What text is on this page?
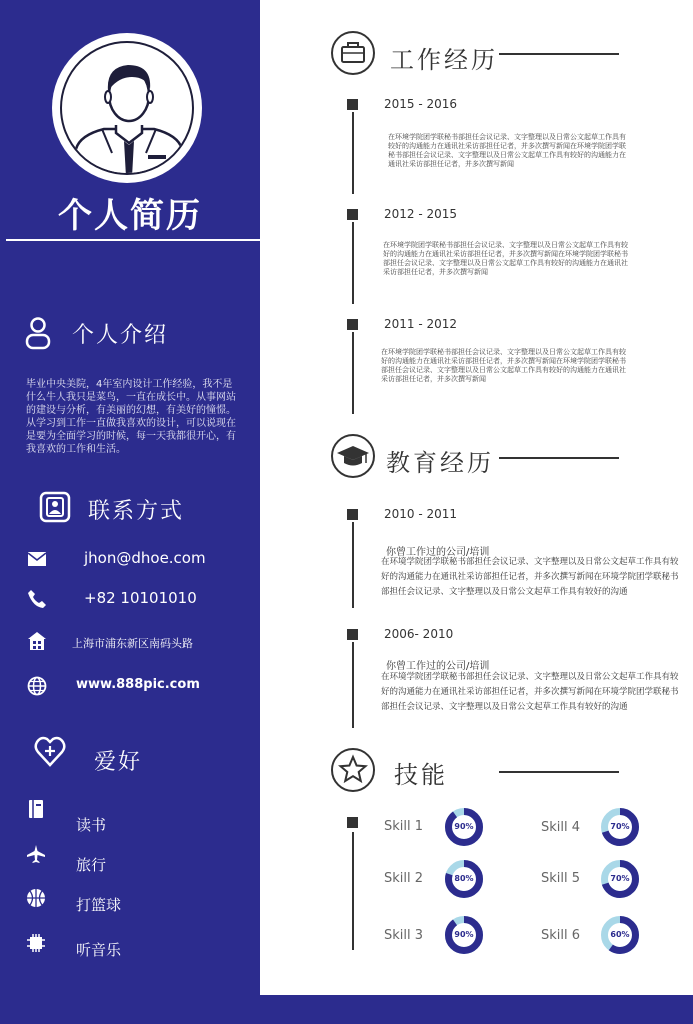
个人简历
个人介绍
毕业中央美院，4年室内设计工作经验，我不是什么牛人我只是菜鸟，一直在成长中。从事网站的建设与分析，有美丽的幻想，有美好的憧憬。从学习到工作一直做我喜欢的设计，可以说现在是要为全面学习的时候，每一天我都很开心，有我喜欢的工作和生活。
联系方式
jhon@dhoe.com
+82 10101010
上海市浦东新区南码头路
www.888pic.com
爱好
读书
旅行
打篮球
听音乐
工作经历
2015 - 2016
在环境学院团学联秘书部担任会议记录、文字整理以及日常公文起草工作具有较好的沟通能力在通讯社采访部担任记者，并多次撰写新闻在环境学院团学联秘书部担任会议记录、文字整理以及日常公文起草工作具有较好的沟通能力在通讯社采访部担任记者，并多次撰写新闻
2012 - 2015
在环境学院团学联秘书部担任会议记录、文字整理以及日常公文起草工作具有较好的沟通能力在通讯社采访部担任记者，并多次撰写新闻在环境学院团学联秘书部担任会议记录、文字整理以及日常公文起草工作具有较好的沟通能力在通讯社采访部担任记者，并多次撰写新闻
2011 - 2012
在环境学院团学联秘书部担任会议记录、文字整理以及日常公文起草工作具有较好的沟通能力在通讯社采访部担任记者，并多次撰写新闻在环境学院团学联秘书部担任会议记录、文字整理以及日常公文起草工作具有较好的沟通能力在通讯社采访部担任记者，并多次撰写新闻
教育经历
2010 - 2011
你曾工作过的公司/培训
在环境学院团学联秘书部担任会议记录、文字整理以及日常公文起草工作具有较好的沟通能力在通讯社采访部担任记者，并多次撰写新闻在环境学院团学联秘书部担任会议记录、文字整理以及日常公文起草工作具有较好的沟通
2006- 2010
你曾工作过的公司/培训
在环境学院团学联秘书部担任会议记录、文字整理以及日常公文起草工作具有较好的沟通能力在通讯社采访部担任记者，并多次撰写新闻在环境学院团学联秘书部担任会议记录、文字整理以及日常公文起草工作具有较好的沟通
技能
Skill 1
Skill 2
Skill 3
Skill 4
Skill 5
Skill 6
90%
80%
90%
70%
70%
60%
